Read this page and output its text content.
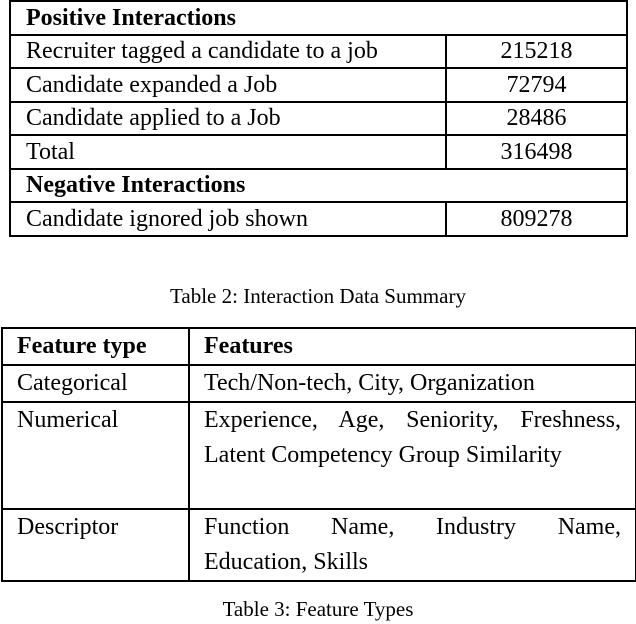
Positive Interactions	
Recruiter tagged a candidate to a job	215218
Candidate expanded a Job	72794
Candidate applied to a Job	28486
Total	316498
Negative Interactions	
Candidate ignored job shown	809278
Table 2: Interaction Data Summary
Feature type	Features
Categorical	Tech/Non-tech, City, Organization
Numerical	Experience, Age, Seniority, Freshness, Latent Competency Group Similarity
Descriptor	Function Name, Industry Name, Education, Skills
Table 3: Feature Types
